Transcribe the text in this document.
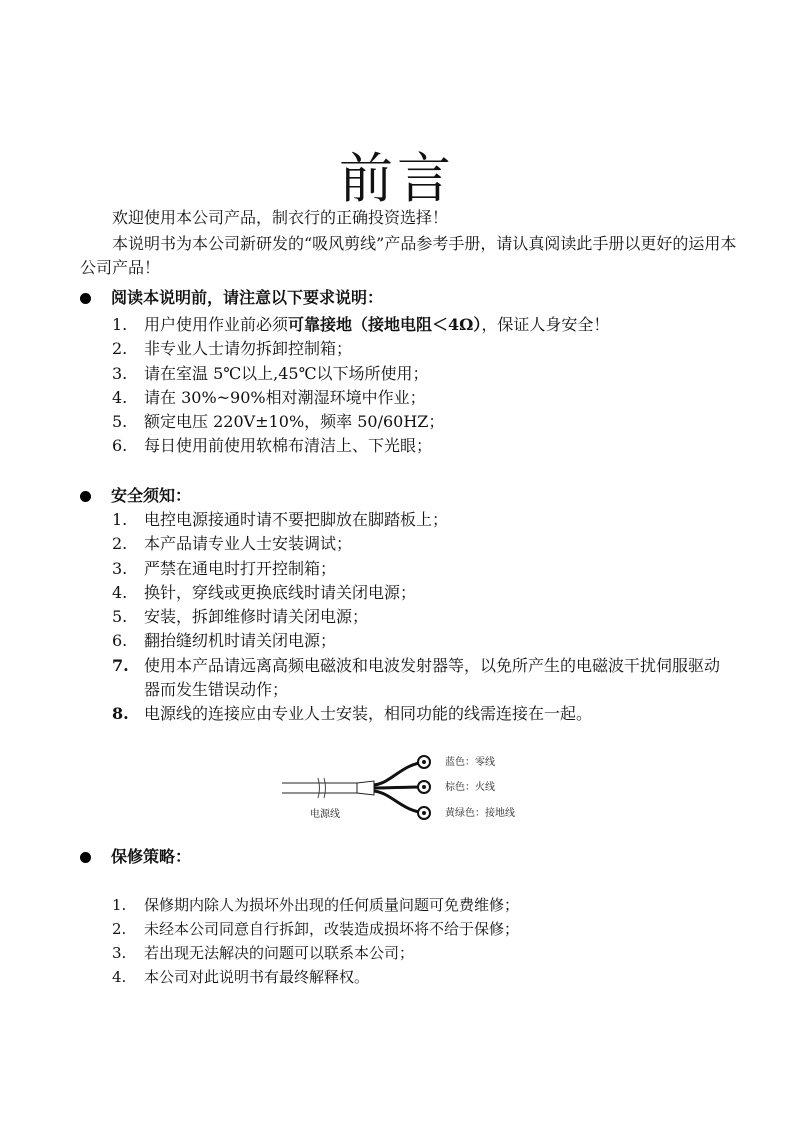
前言

欢迎使用本公司产品，制衣行的正确投资选择！

本说明书为本公司新研发的“吸风剪线”产品参考手册，请认真阅读此手册以更好的运用本公司产品！

阅读本说明前，请注意以下要求说明：
1. 用户使用作业前必须可靠接地（接地电阻＜4Ω），保证人身安全！
2. 非专业人士请勿拆卸控制箱；
3. 请在室温 5℃以上,45℃以下场所使用；
4. 请在 30%~90%相对潮湿环境中作业；
5. 额定电压 220V±10%，频率 50/60HZ；
6. 每日使用前使用软棉布清洁上、下光眼；
安全须知：
1. 电控电源接通时请不要把脚放在脚踏板上；
2. 本产品请专业人士安装调试；
3. 严禁在通电时打开控制箱；
4. 换针，穿线或更换底线时请关闭电源；
5. 安装，拆卸维修时请关闭电源；
6. 翻抬缝纫机时请关闭电源；
7. 使用本产品请远离高频电磁波和电波发射器等，以免所产生的电磁波干扰伺服驱动器而发生错误动作；
8. 电源线的连接应由专业人士安装，相同功能的线需连接在一起。
蓝色：零线
棕色：火线
黄绿色：接地线
电源线
保修策略：
1. 保修期内除人为损坏外出现的任何质量问题可免费维修；
2. 未经本公司同意自行拆卸，改装造成损坏将不给于保修；
3. 若出现无法解决的问题可以联系本公司；
4. 本公司对此说明书有最终解释权。
